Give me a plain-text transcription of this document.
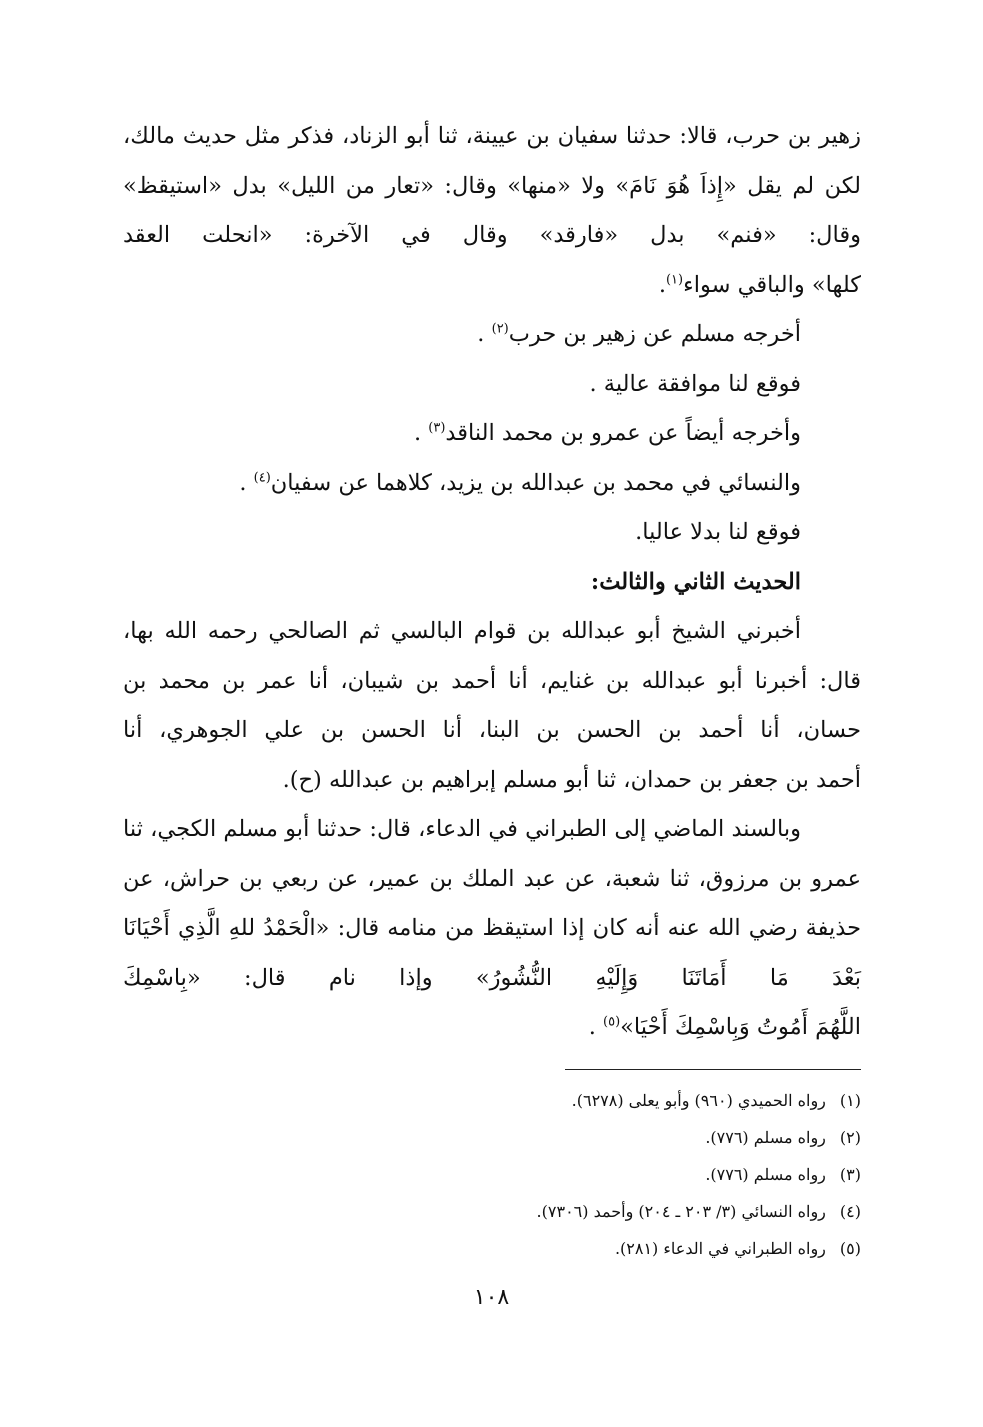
زهير بن حرب، قالا: حدثنا سفيان بن عيينة، ثنا أبو الزناد، فذكر مثل حديث مالك، لكن لم يقل «إِذاَ هُوَ نَامَ» ولا «منها» وقال: «تعار من الليل» بدل «استيقظ» وقال: «فنم» بدل «فارقد» وقال في الآخرة: «انحلت العقد

كلها» والباقي سواء$^{(١)}$.

أخرجه مسلم عن زهير بن حرب$^{(٢)}$ .

فوقع لنا موافقة عالية .

وأخرجه أيضاً عن عمرو بن محمد الناقد$^{(٣)}$ .

والنسائي في محمد بن عبدالله بن يزيد، كلاهما عن سفيان$^{(٤)}$ .

فوقع لنا بدلا عاليا.

الحديث الثاني والثالث:

أخبرني الشيخ أبو عبدالله بن قوام البالسي ثم الصالحي رحمه الله بها، قال: أخبرنا أبو عبدالله بن غنايم، أنا أحمد بن شيبان، أنا عمر بن محمد بن حسان، أنا أحمد بن الحسن بن البنا، أنا الحسن بن علي الجوهري، أنا

أحمد بن جعفر بن حمدان، ثنا أبو مسلم إبراهيم بن عبدالله (ح).

وبالسند الماضي إلى الطبراني في الدعاء، قال: حدثنا أبو مسلم الكجي، ثنا عمرو بن مرزوق، ثنا شعبة، عن عبد الملك بن عمير، عن ربعي بن حراش، عن حذيفة رضي الله عنه أنه كان إذا استيقظ من منامه قال: «الْحَمْدُ للهِ الَّذِي أَحْيَانَا بَعْدَ مَا أَمَاتَنَا وَإِلَيْهِ النُّشُورُ» وإذا نام قال: «بِاسْمِكَ

اللَّهُمَ أَمُوتُ وَبِاسْمِكَ أَحْيَا»$^{(٥)}$ .

(١) رواه الحميدي (٩٦٠) وأبو يعلى (٦٢٧٨).

(٢) رواه مسلم (٧٧٦).

(٣) رواه مسلم (٧٧٦).

(٤) رواه النسائي (٣/ ٢٠٣ ـ ٢٠٤) وأحمد (٧٣٠٦).

(٥) رواه الطبراني في الدعاء (٢٨١).

١٠٨
